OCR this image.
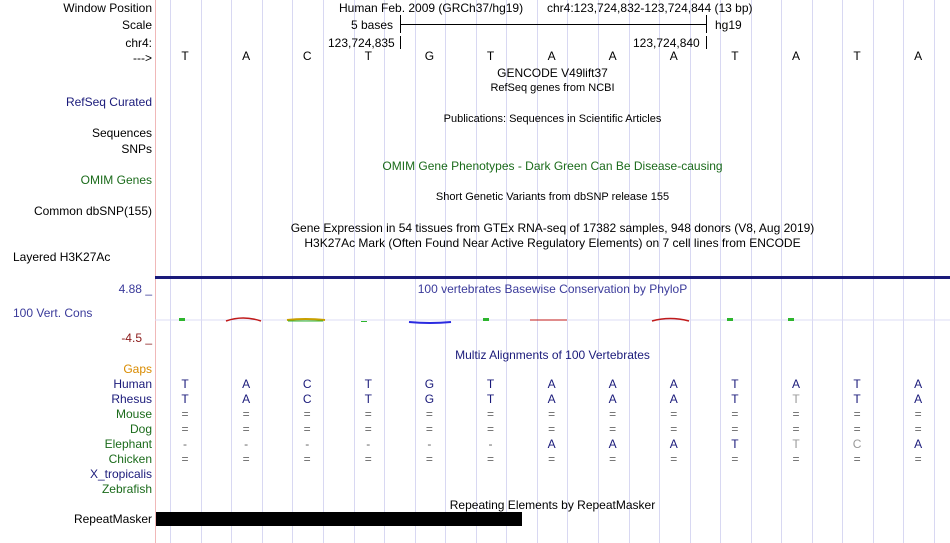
Window Position
Scale
chr4:
--->
RefSeq Curated
Sequences
SNPs
OMIM Genes
Common dbSNP(155)
Layered H3K27Ac
100 Vert. Cons
4.88 _
-4.5 _
Gaps
RepeatMasker
Human Feb. 2009 (GRCh37/hg19) chr4:123,724,832-123,724,844 (13 bp)
5 bases	hg19
123,724,835	123,724,840
T	A	C	T	G	T	A	A	A	T	A	T	A
GENCODE V49lift37
RefSeq genes from NCBI
Publications: Sequences in Scientific Articles
OMIM Gene Phenotypes - Dark Green Can Be Disease-causing
Short Genetic Variants from dbSNP release 155
Gene Expression in 54 tissues from GTEx RNA-seq of 17382 samples, 948 donors (V8, Aug 2019)
H3K27Ac Mark (Often Found Near Active Regulatory Elements) on 7 cell lines from ENCODE
100 vertebrates Basewise Conservation by PhyloP
Multiz Alignments of 100 Vertebrates
Human	T	A	C	T	G	T	A	A	A	T	A	T	A
Rhesus	T	A	C	T	G	T	A	A	A	T	T	T	A
Mouse	=	=	=	=	=	=	=	=	=	=	=	=	=
Dog	=	=	=	=	=	=	=	=	=	=	=	=	=
Elephant	-	-	-	-	-	-	A	A	A	T	T	C	A
Chicken	=	=	=	=	=	=	=	=	=	=	=	=	=
X_tropicalis
Zebrafish
Repeating Elements by RepeatMasker
